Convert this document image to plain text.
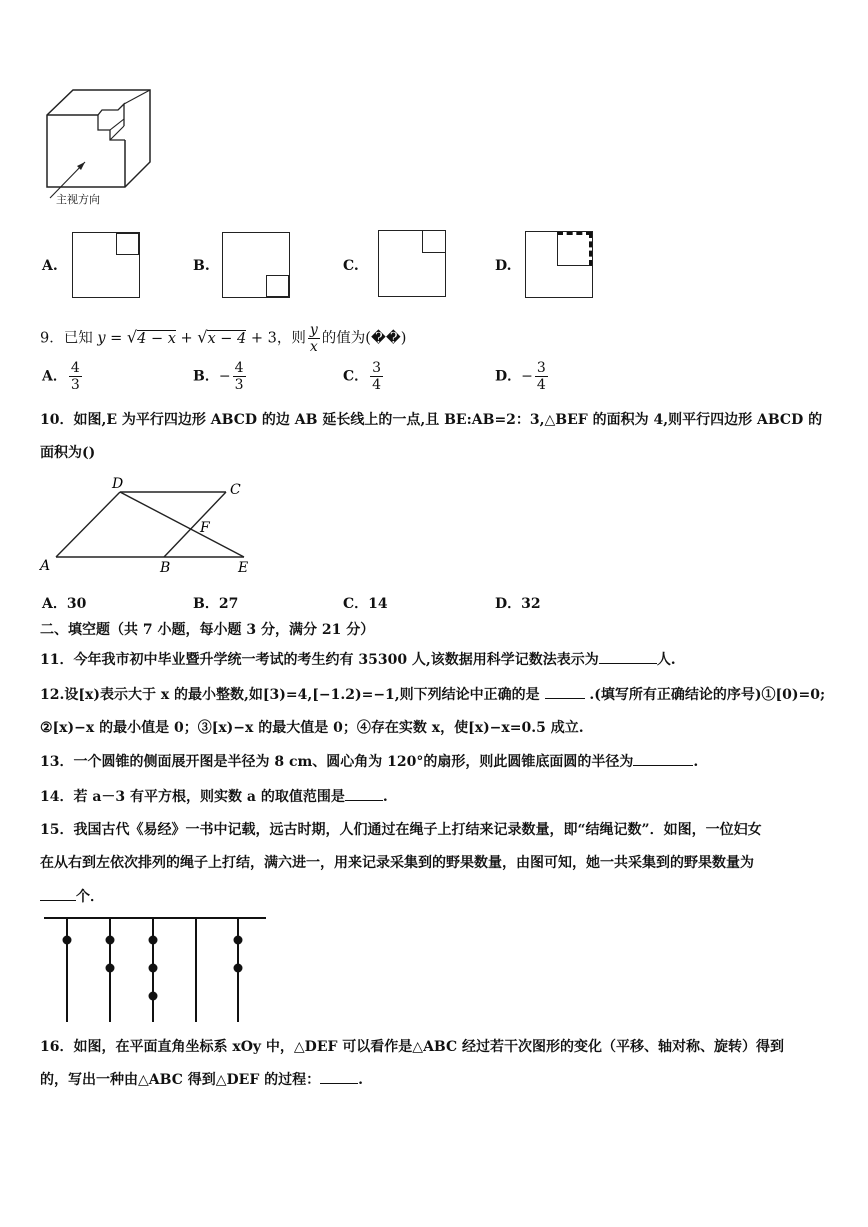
主视方向
A.	B.	C.	D.
9．已知 y = √4 − x + √x − 4 + 3，则 $\frac{y}{x}$ 的值为(��)
A． $\frac{4}{3}$	B．− $\frac{4}{3}$	C． $\frac{3}{4}$	D．− $\frac{3}{4}$
10．如图,E 为平行四边形 ABCD 的边 AB 延长线上的一点,且 BE:AB=2：3,△BEF 的面积为 4,则平行四边形 ABCD 的
面积为()
D	C
F
A	B	E
A．30	B．27	C．14	D．32
二、填空题（共 7 小题，每小题 3 分，满分 21 分）
11．今年我市初中毕业暨升学统一考试的考生约有 35300 人,该数据用科学记数法表示为	人.
12.设[x)表示大于 x 的最小整数,如[3)=4,[−1.2)=−1,则下列结论中正确的是	.(填写所有正确结论的序号)①[0)=0;
②[x)−x 的最小值是 0；③[x)−x 的最大值是 0；④存在实数 x，使[x)−x=0.5 成立.
13．一个圆锥的侧面展开图是半径为 8 cm、圆心角为 120°的扇形，则此圆锥底面圆的半径为	.
14．若 a－3 有平方根，则实数 a 的取值范围是	.
15．我国古代《易经》一书中记载，远古时期，人们通过在绳子上打结来记录数量，即“结绳记数”．如图，一位妇女
在从右到左依次排列的绳子上打结，满六进一，用来记录采集到的野果数量，由图可知，她一共采集到的野果数量为
个．
16．如图，在平面直角坐标系 xOy 中，△DEF 可以看作是△ABC 经过若干次图形的变化（平移、轴对称、旋转）得到
的，写出一种由△ABC 得到△DEF 的过程：	.
